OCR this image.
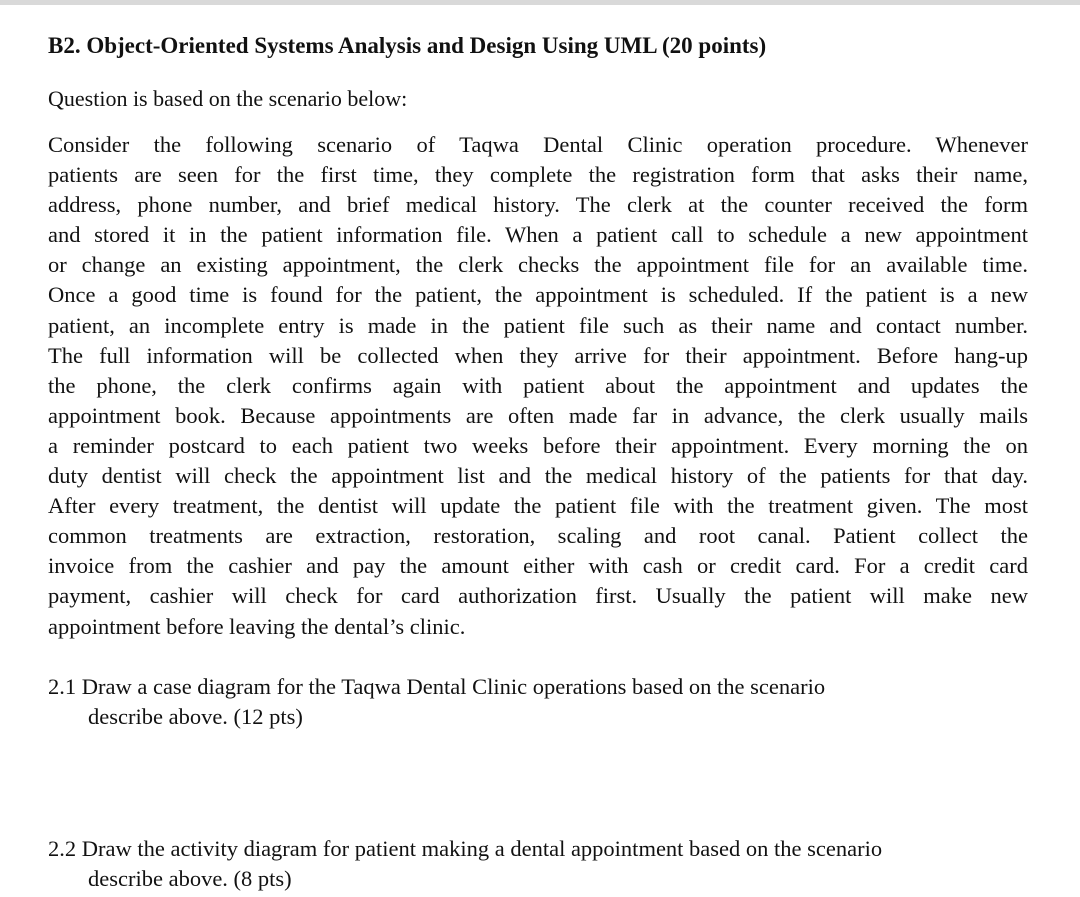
B2. Object-Oriented Systems Analysis and Design Using UML (20 points)

Question is based on the scenario below:

Consider the following scenario of Taqwa Dental Clinic operation procedure. Whenever
patients are seen for the first time, they complete the registration form that asks their name,
address, phone number, and brief medical history. The clerk at the counter received the form
and stored it in the patient information file. When a patient call to schedule a new appointment
or change an existing appointment, the clerk checks the appointment file for an available time.
Once a good time is found for the patient, the appointment is scheduled. If the patient is a new
patient, an incomplete entry is made in the patient file such as their name and contact number.
The full information will be collected when they arrive for their appointment. Before hang-up
the phone, the clerk confirms again with patient about the appointment and updates the
appointment book. Because appointments are often made far in advance, the clerk usually mails
a reminder postcard to each patient two weeks before their appointment. Every morning the on
duty dentist will check the appointment list and the medical history of the patients for that day.
After every treatment, the dentist will update the patient file with the treatment given. The most
common treatments are extraction, restoration, scaling and root canal. Patient collect the
invoice from the cashier and pay the amount either with cash or credit card. For a credit card
payment, cashier will check for card authorization first. Usually the patient will make new
appointment before leaving the dental’s clinic.

2.1 Draw a case diagram for the Taqwa Dental Clinic operations based on the scenario
describe above. (12 pts)
2.2 Draw the activity diagram for patient making a dental appointment based on the scenario
describe above. (8 pts)
